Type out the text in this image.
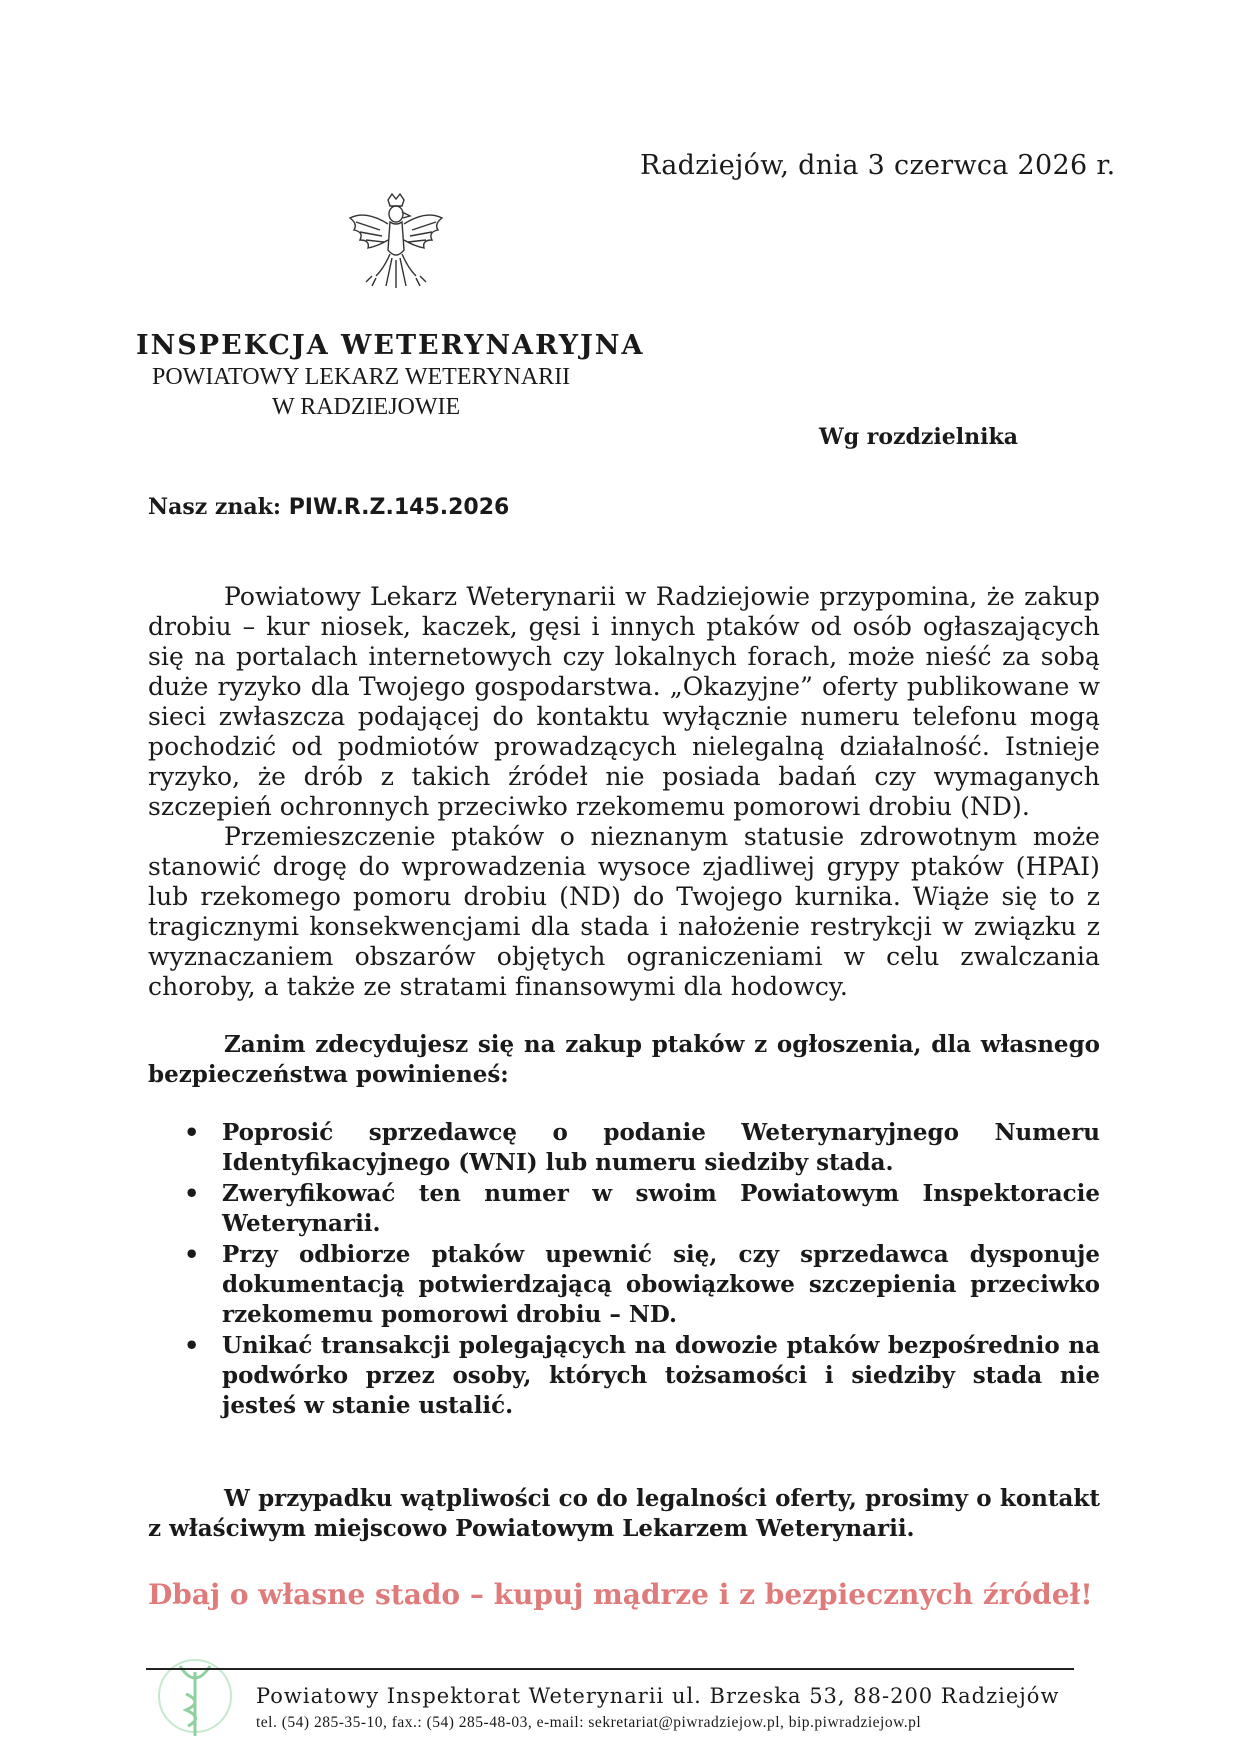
Radziejów, dnia 3 czerwca 2026 r.
INSPEKCJA WETERYNARYJNA
POWIATOWY LEKARZ WETERYNARII
W RADZIEJOWIE
Wg rozdzielnika
Nasz znak: PIW.R.Z.145.2026
Powiatowy Lekarz Weterynarii w Radziejowie przypomina, że zakup drobiu – kur niosek, kaczek, gęsi i innych ptaków od osób ogłaszających się na portalach internetowych czy lokalnych forach, może nieść za sobą duże ryzyko dla Twojego gospodarstwa. „Okazyjne” oferty publikowane w sieci zwłaszcza podającej do kontaktu wyłącznie numeru telefonu mogą pochodzić od podmiotów prowadzących nielegalną działalność. Istnieje ryzyko, że drób z takich źródeł nie posiada badań czy wymaganych szczepień ochronnych przeciwko rzekomemu pomorowi drobiu (ND).
Przemieszczenie ptaków o nieznanym statusie zdrowotnym może stanowić drogę do wprowadzenia wysoce zjadliwej grypy ptaków (HPAI) lub rzekomego pomoru drobiu (ND) do Twojego kurnika. Wiąże się to z tragicznymi konsekwencjami dla stada i nałożenie restrykcji w związku z wyznaczaniem obszarów objętych ograniczeniami w celu zwalczania choroby, a także ze stratami finansowymi dla hodowcy.
Zanim zdecydujesz się na zakup ptaków z ogłoszenia, dla własnego bezpieczeństwa powinieneś:
• Poprosić sprzedawcę o podanie Weterynaryjnego Numeru Identyfikacyjnego (WNI) lub numeru siedziby stada.
• Zweryfikować ten numer w swoim Powiatowym Inspektoracie Weterynarii.
• Przy odbiorze ptaków upewnić się, czy sprzedawca dysponuje dokumentacją potwierdzającą obowiązkowe szczepienia przeciwko rzekomemu pomorowi drobiu – ND.
• Unikać transakcji polegających na dowozie ptaków bezpośrednio na podwórko przez osoby, których tożsamości i siedziby stada nie jesteś w stanie ustalić.
W przypadku wątpliwości co do legalności oferty, prosimy o kontakt z właściwym miejscowo Powiatowym Lekarzem Weterynarii.
Dbaj o własne stado – kupuj mądrze i z bezpiecznych źródeł!
Powiatowy Inspektorat Weterynarii ul. Brzeska 53, 88-200 Radziejów
tel. (54) 285-35-10, fax.: (54) 285-48-03, e-mail: sekretariat@piwradziejow.pl, bip.piwradziejow.pl
